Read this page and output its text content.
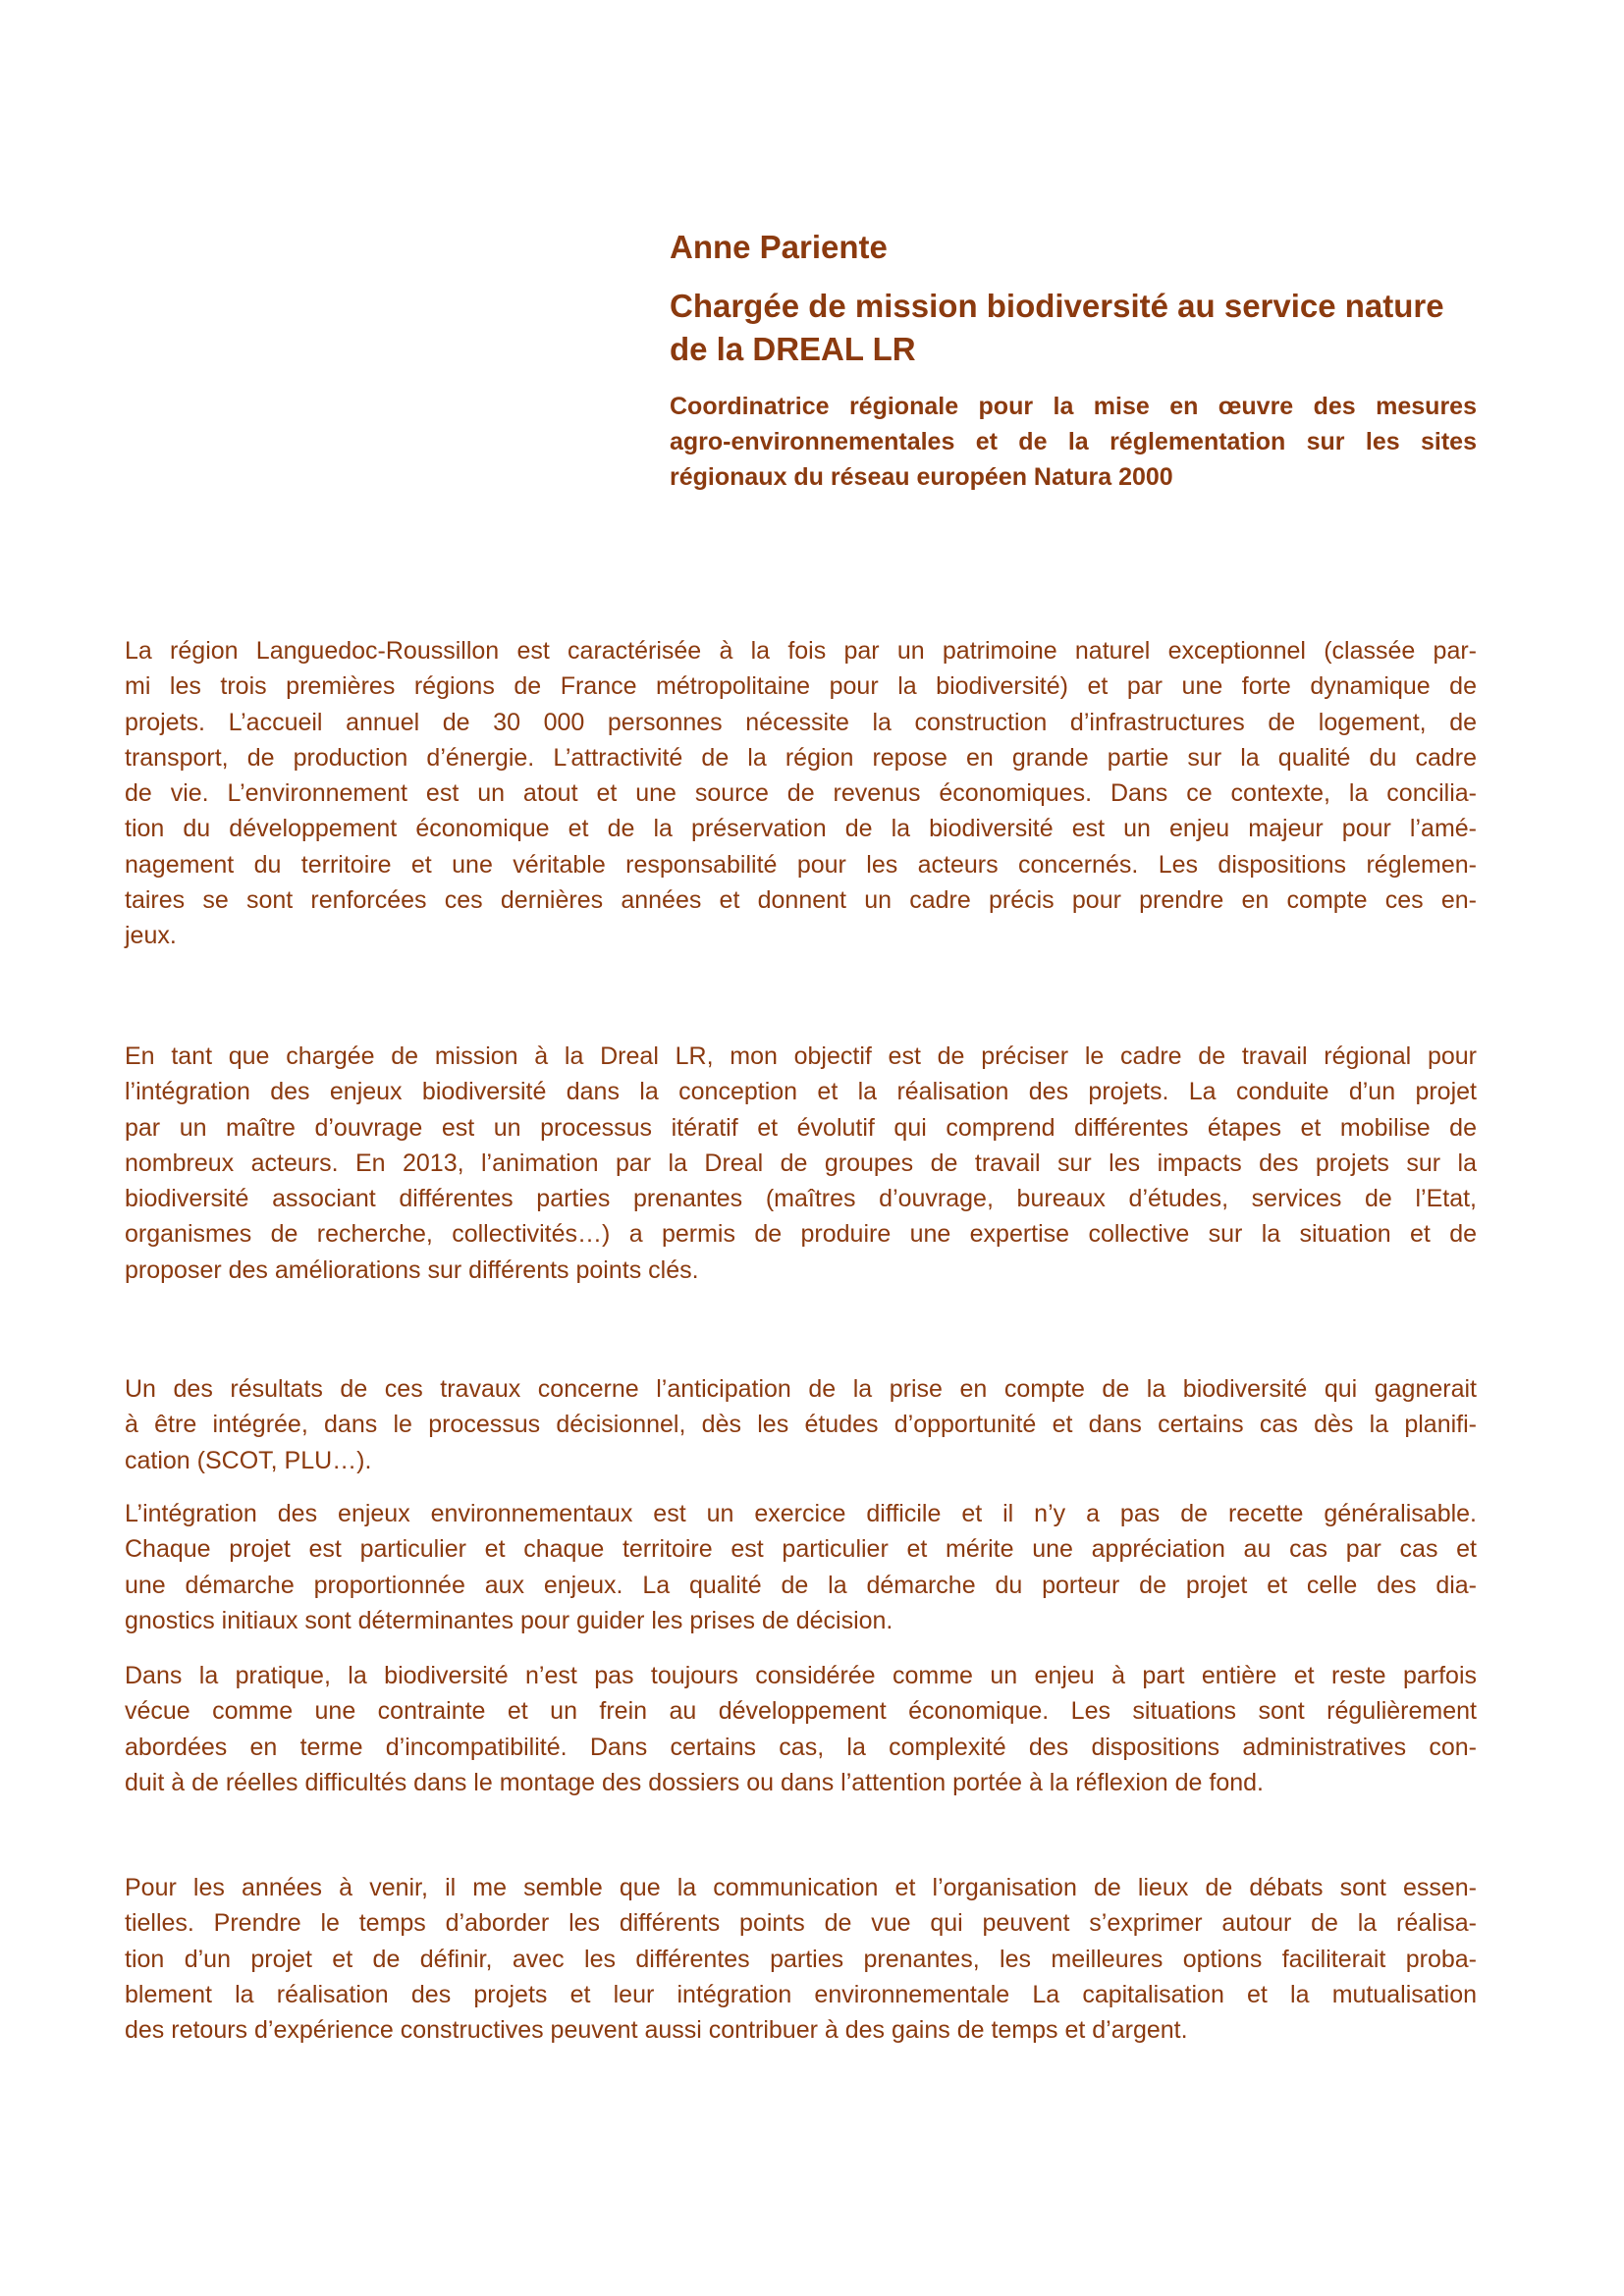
Anne Pariente
Chargée de mission biodiversité au service nature
de la DREAL LR
Coordinatrice régionale pour la mise en œuvre des mesures
agro-environnementales et de la réglementation sur les sites
régionaux du réseau européen Natura 2000
La région Languedoc-Roussillon est caractérisée à la fois par un patrimoine naturel exceptionnel (classée par-
mi les trois premières régions de France métropolitaine pour la biodiversité) et par une forte dynamique de
projets. L’accueil annuel de 30 000 personnes nécessite la construction d’infrastructures de logement, de
transport, de production d’énergie. L’attractivité de la région repose en grande partie sur la qualité du cadre
de vie. L’environnement est un atout et une source de revenus économiques. Dans ce contexte, la concilia-
tion du développement économique et de la préservation de la biodiversité est un enjeu majeur pour l’amé-
nagement du territoire et une véritable responsabilité pour les acteurs concernés. Les dispositions réglemen-
taires se sont renforcées ces dernières années et donnent un cadre précis pour prendre en compte ces en-
jeux.
En tant que chargée de mission à la Dreal LR, mon objectif est de préciser le cadre de travail régional pour
l’intégration des enjeux biodiversité dans la conception et la réalisation des projets. La conduite d’un projet
par un maître d’ouvrage est un processus itératif et évolutif qui comprend différentes étapes et mobilise de
nombreux acteurs. En 2013, l’animation par la Dreal de groupes de travail sur les impacts des projets sur la
biodiversité associant différentes parties prenantes (maîtres d’ouvrage, bureaux d’études, services de l’Etat,
organismes de recherche, collectivités…) a permis de produire une expertise collective sur la situation et de
proposer des améliorations sur différents points clés.
Un des résultats de ces travaux concerne l’anticipation de la prise en compte de la biodiversité qui gagnerait
à être intégrée, dans le processus décisionnel, dès les études d’opportunité et dans certains cas dès la planifi-
cation (SCOT, PLU…).
L’intégration des enjeux environnementaux est un exercice difficile et il n’y a pas de recette généralisable.
Chaque projet est particulier et chaque territoire est particulier et mérite une appréciation au cas par cas et
une démarche proportionnée aux enjeux. La qualité de la démarche du porteur de projet et celle des dia-
gnostics initiaux sont déterminantes pour guider les prises de décision.
Dans la pratique, la biodiversité n’est pas toujours considérée comme un enjeu à part entière et reste parfois
vécue comme une contrainte et un frein au développement économique. Les situations sont régulièrement
abordées en terme d’incompatibilité. Dans certains cas, la complexité des dispositions administratives con-
duit à de réelles difficultés dans le montage des dossiers ou dans l’attention portée à la réflexion de fond.
Pour les années à venir, il me semble que la communication et l’organisation de lieux de débats sont essen-
tielles. Prendre le temps d’aborder les différents points de vue qui peuvent s’exprimer autour de la réalisa-
tion d’un projet et de définir, avec les différentes parties prenantes, les meilleures options faciliterait proba-
blement la réalisation des projets et leur intégration environnementale La capitalisation et la mutualisation
des retours d’expérience constructives peuvent aussi contribuer à des gains de temps et d’argent.
